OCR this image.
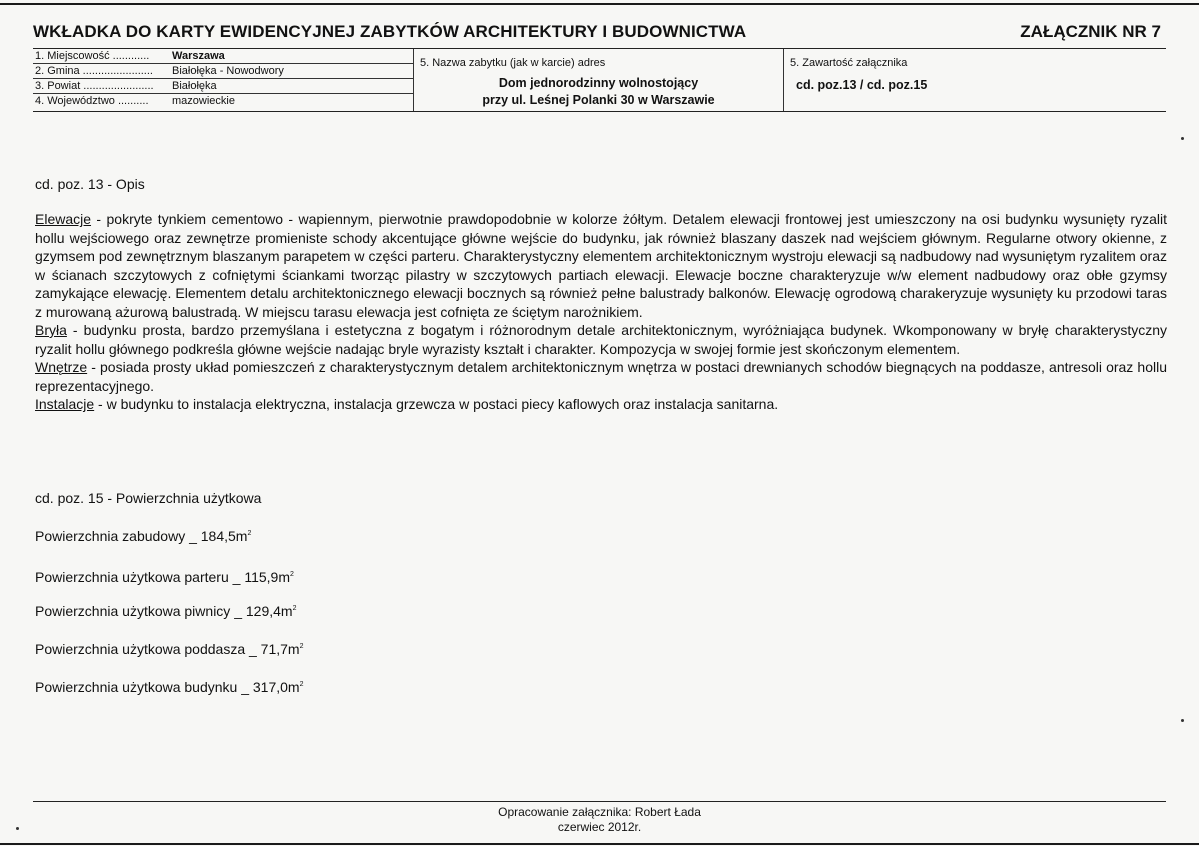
WKŁADKA DO KARTY EWIDENCYJNEJ ZABYTKÓW ARCHITEKTURY I BUDOWNICTWA	ZAŁĄCZNIK NR 7
1. Miejscowość ............ Warszawa
2. Gmina ....................... Białołęka - Nowodwory
3. Powiat ....................... Białołęka
4. Województwo .......... mazowieckie
5. Nazwa zabytku (jak w karcie) adres
Dom jednorodzinny wolnostojący
przy ul. Leśnej Polanki 30 w Warszawie
5. Zawartość załącznika
cd. poz.13 / cd. poz.15
cd. poz. 13 - Opis
Elewacje - pokryte tynkiem cementowo - wapiennym, pierwotnie prawdopodobnie w kolorze żółtym. Detalem elewacji frontowej jest umieszczony na osi budynku wysunięty ryzalit hollu wejściowego oraz zewnętrze promieniste schody akcentujące główne wejście do budynku, jak również blaszany daszek nad wejściem głównym. Regularne otwory okienne, z gzymsem pod zewnętrznym blaszanym parapetem w części parteru. Charakterystyczny elementem architektonicznym wystroju elewacji są nadbudowy nad wysuniętym ryzalitem oraz w ścianach szczytowych z cofniętymi ściankami tworząc pilastry w szczytowych partiach elewacji. Elewacje boczne charakteryzuje w/w element nadbudowy oraz obłe gzymsy zamykające elewację. Elementem detalu architektonicznego elewacji bocznych są również pełne balustrady balkonów. Elewację ogrodową charakeryzuje wysunięty ku przodowi taras z murowaną ażurową balustradą. W miejscu tarasu elewacja jest cofnięta ze ściętym narożnikiem.
Bryła - budynku prosta, bardzo przemyślana i estetyczna z bogatym i różnorodnym detale architektonicznym, wyróżniająca budynek. Wkomponowany w bryłę charakterystyczny ryzalit hollu głównego podkreśla główne wejście nadając bryle wyrazisty kształt i charakter. Kompozycja w swojej formie jest skończonym elementem.
Wnętrze - posiada prosty układ pomieszczeń z charakterystycznym detalem architektonicznym wnętrza w postaci drewnianych schodów biegnących na poddasze, antresoli oraz hollu reprezentacyjnego.
Instalacje - w budynku to instalacja elektryczna, instalacja grzewcza w postaci piecy kaflowych oraz instalacja sanitarna.
cd. poz. 15 - Powierzchnia użytkowa
Powierzchnia zabudowy _ $184,5m^2$
Powierzchnia użytkowa parteru _ $115,9m^2$
Powierzchnia użytkowa piwnicy _ $129,4m^2$
Powierzchnia użytkowa poddasza _ $71,7m^2$
Powierzchnia użytkowa budynku _ $317,0m^2$
Opracowanie załącznika: Robert Łada
czerwiec 2012r.
